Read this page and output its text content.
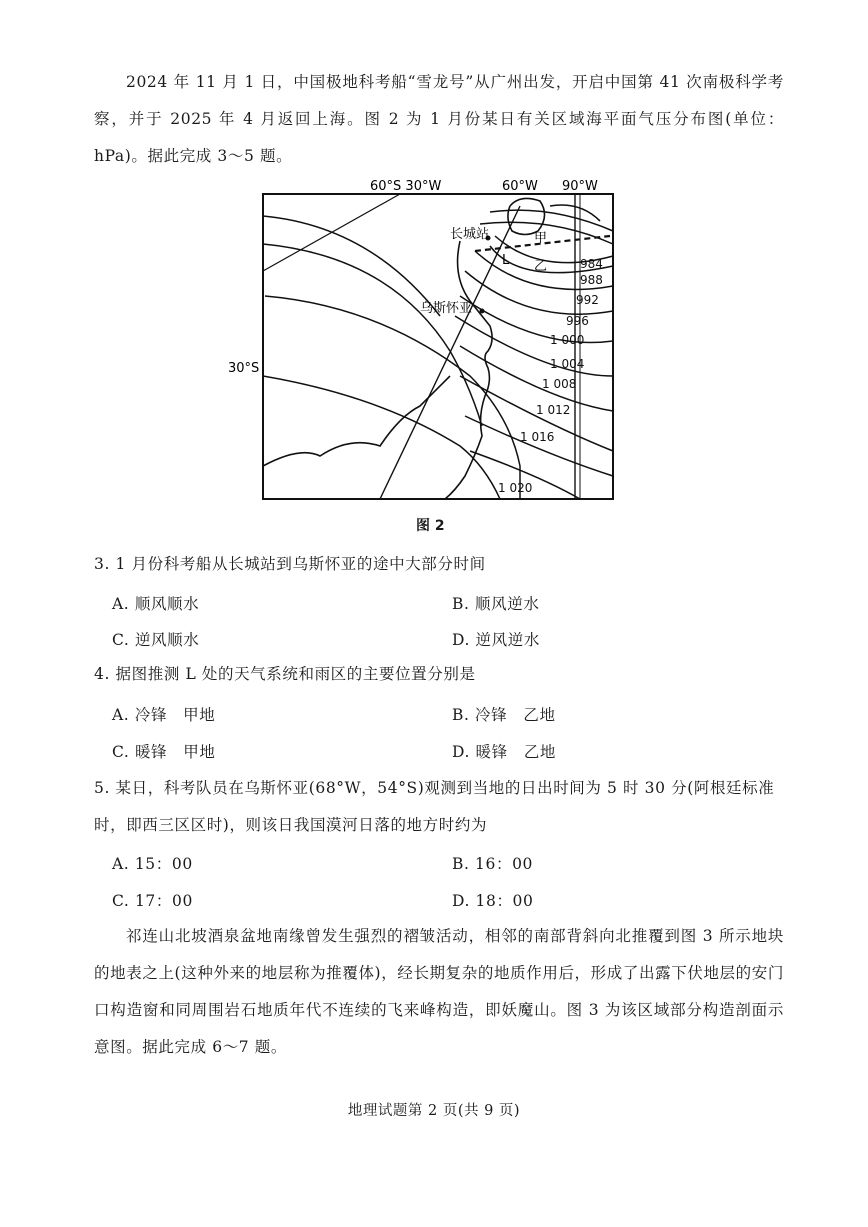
2024 年 11 月 1 日，中国极地科考船“雪龙号”从广州出发，开启中国第 41 次南极科学考察，并于 2025 年 4 月返回上海。图 2 为 1 月份某日有关区域海平面气压分布图(单位：hPa)。据此完成 3～5 题。
60°S 30°W	60°W 90°W
30°S
长城站
乌斯怀亚
甲
乙
L	984
988
992
996
1 000
1 004
1 008
1 012
1 016
1 020
图 2
3. 1 月份科考船从长城站到乌斯怀亚的途中大部分时间
A. 顺风顺水	B. 顺风逆水
C. 逆风顺水	D. 逆风逆水
4. 据图推测 L 处的天气系统和雨区的主要位置分别是
A. 冷锋　甲地	B. 冷锋　乙地
C. 暖锋　甲地	D. 暖锋　乙地
5. 某日，科考队员在乌斯怀亚(68°W，54°S)观测到当地的日出时间为 5 时 30 分(阿根廷标准时，即西三区区时)，则该日我国漠河日落的地方时约为
A. 15：00	B. 16：00
C. 17：00	D. 18：00
祁连山北坡酒泉盆地南缘曾发生强烈的褶皱活动，相邻的南部背斜向北推覆到图 3 所示地块的地表之上(这种外来的地层称为推覆体)，经长期复杂的地质作用后，形成了出露下伏地层的安门口构造窗和同周围岩石地质年代不连续的飞来峰构造，即妖魔山。图 3 为该区域部分构造剖面示意图。据此完成 6～7 题。
地理试题第 2 页(共 9 页)
